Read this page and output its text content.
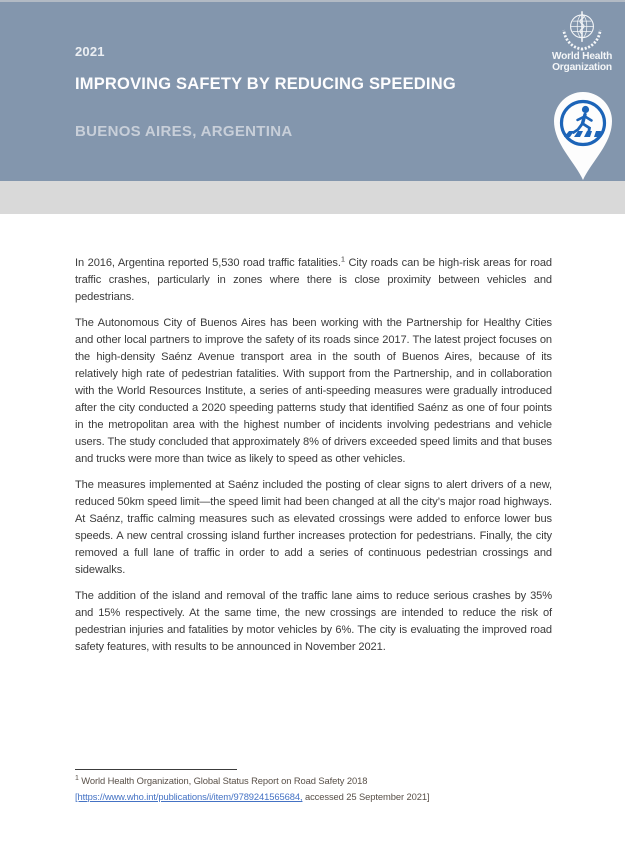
2021
IMPROVING SAFETY BY REDUCING SPEEDING
BUENOS AIRES, ARGENTINA
World Health
Organization

In 2016, Argentina reported 5,530 road traffic fatalities.$^1$ City roads can be high-risk areas for road traffic crashes, particularly in zones where there is close proximity between vehicles and pedestrians.

The Autonomous City of Buenos Aires has been working with the Partnership for Healthy Cities and other local partners to improve the safety of its roads since 2017. The latest project focuses on the high-density Saénz Avenue transport area in the south of Buenos Aires, because of its relatively high rate of pedestrian fatalities. With support from the Partnership, and in collaboration with the World Resources Institute, a series of anti-speeding measures were gradually introduced after the city conducted a 2020 speeding patterns study that identified Saénz as one of four points in the metropolitan area with the highest number of incidents involving pedestrians and vehicle users. The study concluded that approximately 8% of drivers exceeded speed limits and that buses and trucks were more than twice as likely to speed as other vehicles.

The measures implemented at Saénz included the posting of clear signs to alert drivers of a new, reduced 50km speed limit—the speed limit had been changed at all the city’s major road highways. At Saénz, traffic calming measures such as elevated crossings were added to enforce lower bus speeds. A new central crossing island further increases protection for pedestrians. Finally, the city removed a full lane of traffic in order to add a series of continuous pedestrian crossings and sidewalks.

The addition of the island and removal of the traffic lane aims to reduce serious crashes by 35% and 15% respectively. At the same time, the new crossings are intended to reduce the risk of pedestrian injuries and fatalities by motor vehicles by 6%. The city is evaluating the improved road safety features, with results to be announced in November 2021.

$^1$ World Health Organization, Global Status Report on Road Safety 2018
[https://www.who.int/publications/i/item/9789241565684, accessed 25 September 2021]
